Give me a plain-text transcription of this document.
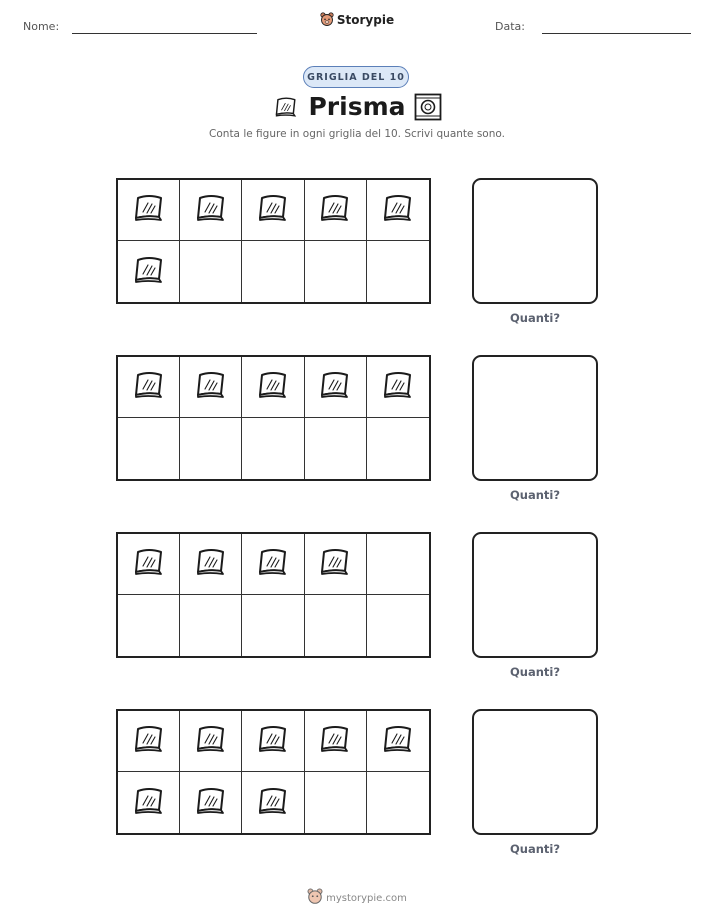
Nome:	Storypie	Data:
GRIGLIA DEL 10
Prisma
Conta le figure in ogni griglia del 10. Scrivi quante sono.
Quanti?
Quanti?
Quanti?
Quanti?
mystorypie.com
